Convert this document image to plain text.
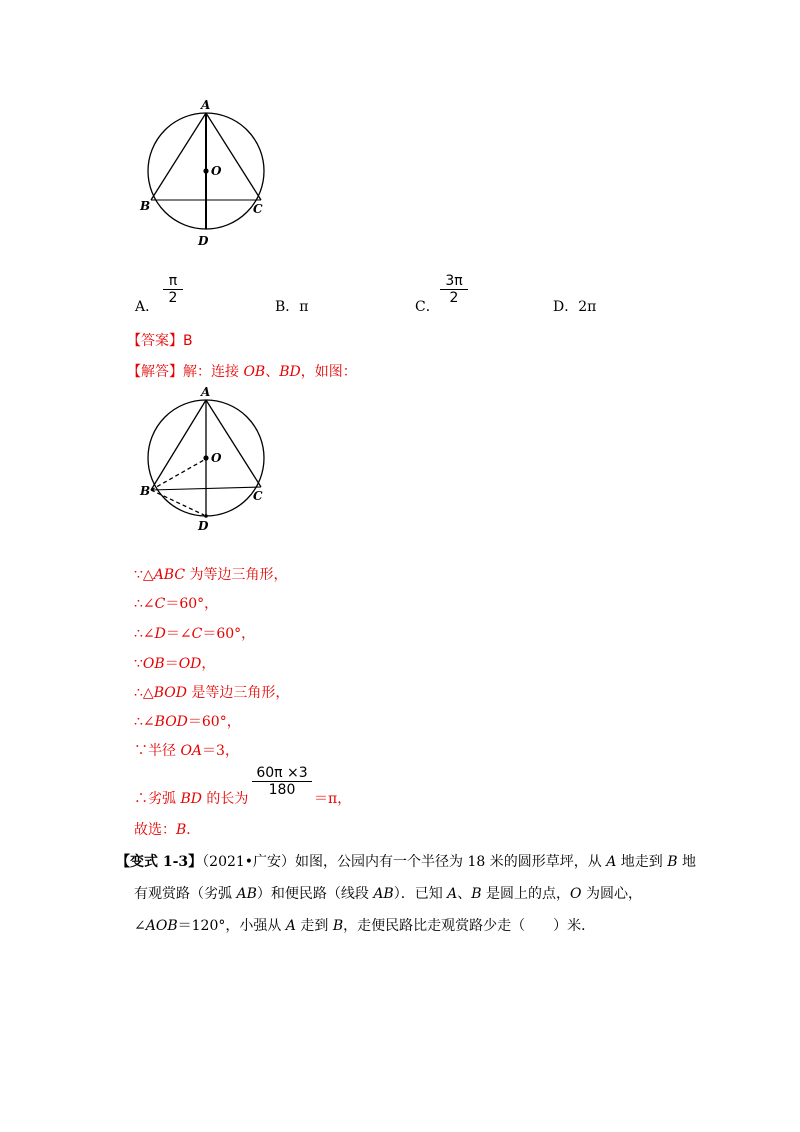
A
O
B	C
D
A．
π
2
B．π	C．
3π
2
D．2π
【答案】B
【解答】解：连接 OB、BD，如图：
A
O
B	C
D
∵△ABC 为等边三角形，
∴∠C＝60°，
∴∠D＝∠C＝60°，
∵OB＝OD，
∴△BOD 是等边三角形，
∴∠BOD＝60°，
∵半径 OA＝3，
∴劣弧 BD 的长为
60π ×3
180
＝π，
故选：B．
【变式 1-3】（2021•广安）如图，公园内有一个半径为 18 米的圆形草坪，从 A 地走到 B 地
有观赏路（劣弧 AB）和便民路（线段 AB）．已知 A、B 是圆上的点，O 为圆心，
∠AOB＝120°，小强从 A 走到 B，走便民路比走观赏路少走（　　）米．
